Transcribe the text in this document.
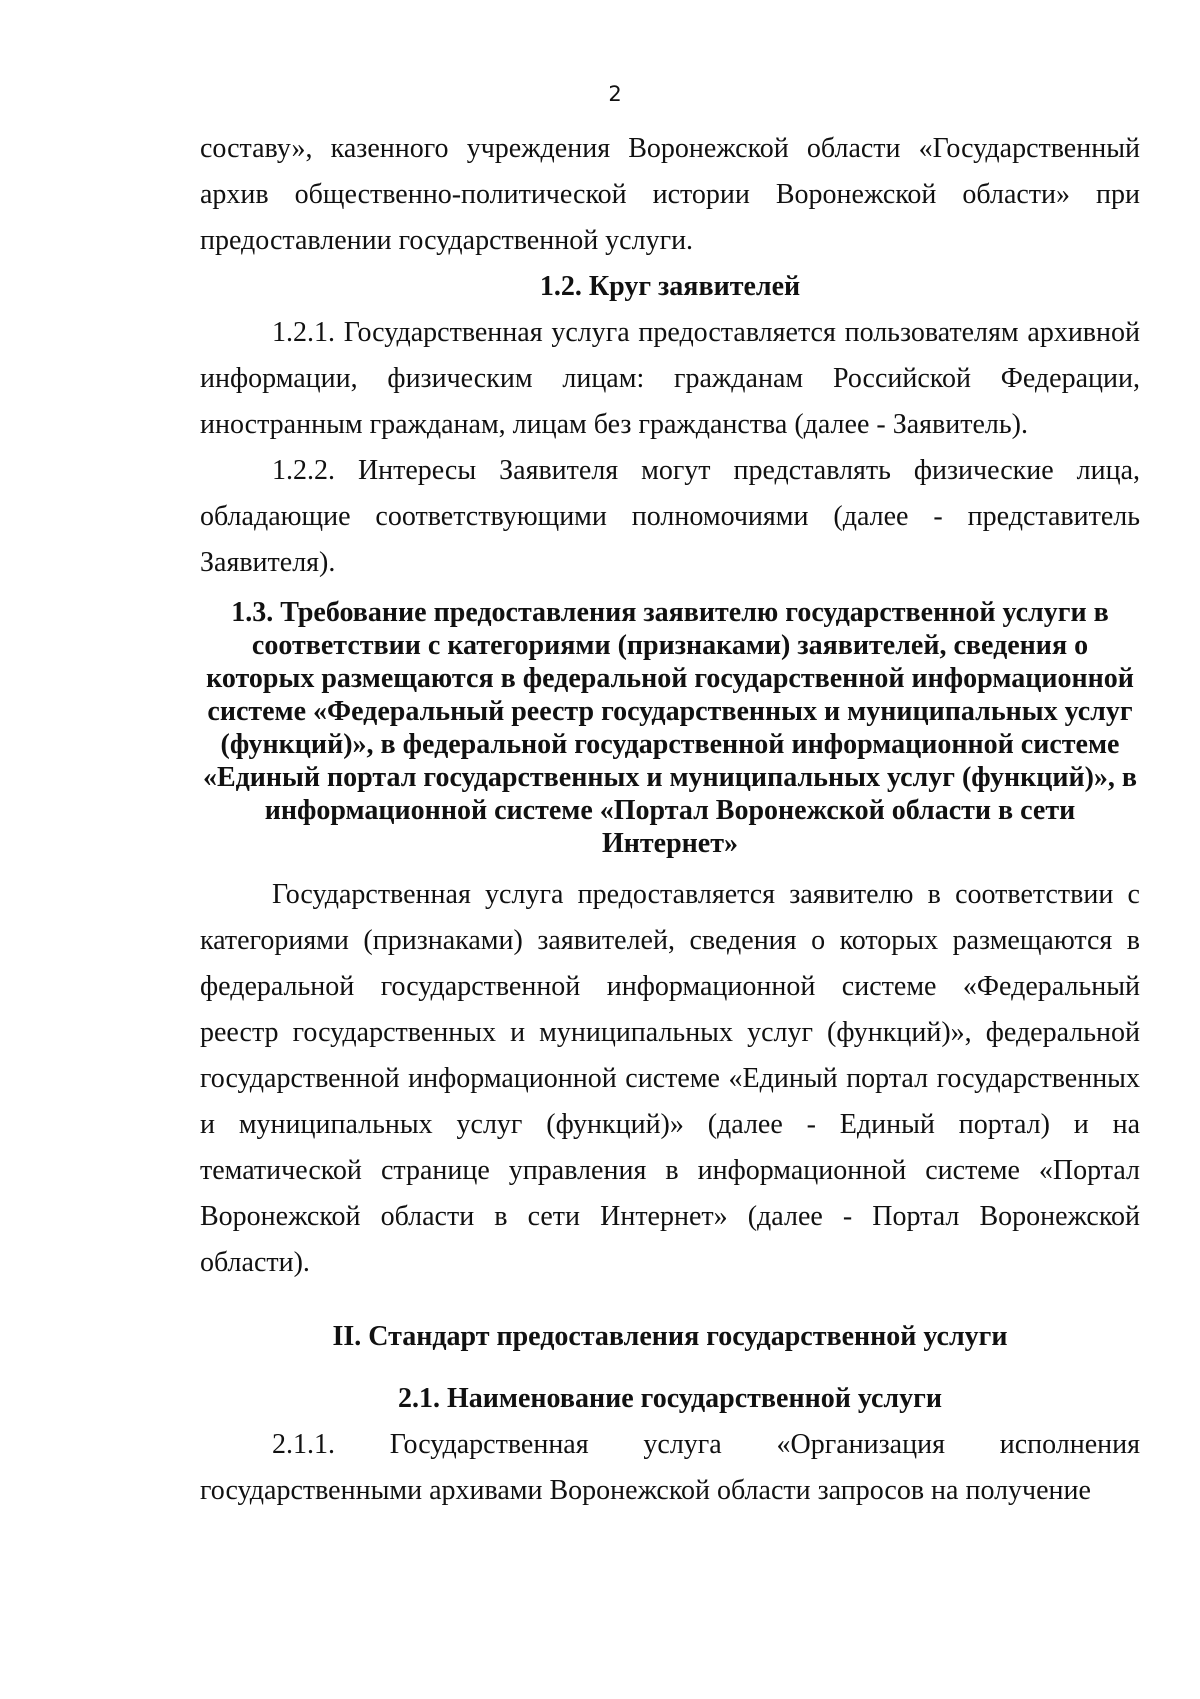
2

составу», казенного учреждения Воронежской области «Государственный архив общественно-политической истории Воронежской области» при предоставлении государственной услуги.

1.2. Круг заявителей

1.2.1. Государственная услуга предоставляется пользователям архивной информации, физическим лицам: гражданам Российской Федерации, иностранным гражданам, лицам без гражданства (далее - Заявитель).

1.2.2. Интересы Заявителя могут представлять физические лица, обладающие соответствующими полномочиями (далее - представитель Заявителя).

1.3. Требование предоставления заявителю государственной услуги в соответствии с категориями (признаками) заявителей, сведения о которых размещаются в федеральной государственной информационной системе «Федеральный реестр государственных и муниципальных услуг (функций)», в федеральной государственной информационной системе «Единый портал государственных и муниципальных услуг (функций)», в информационной системе «Портал Воронежской области в сети Интернет»

Государственная услуга предоставляется заявителю в соответствии с категориями (признаками) заявителей, сведения о которых размещаются в федеральной государственной информационной системе «Федеральный реестр государственных и муниципальных услуг (функций)», федеральной государственной информационной системе «Единый портал государственных и муниципальных услуг (функций)» (далее - Единый портал) и на тематической странице управления в информационной системе «Портал Воронежской области в сети Интернет» (далее - Портал Воронежской области).

II. Стандарт предоставления государственной услуги

2.1. Наименование государственной услуги

2.1.1. Государственная услуга «Организация исполнения государственными архивами Воронежской области запросов на получение
